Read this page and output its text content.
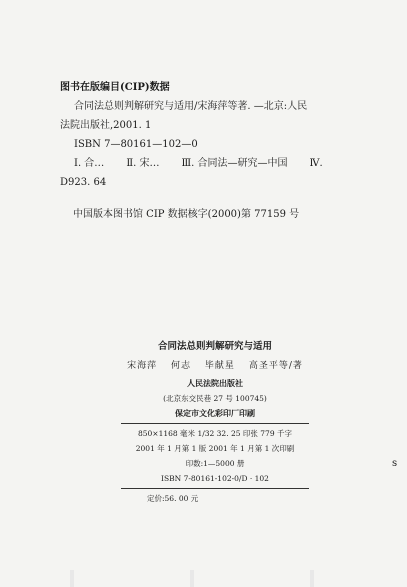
图书在版编目(CIP)数据
合同法总则判解研究与适用/宋海萍等著. —北京:人民
法院出版社,2001. 1
ISBN 7—80161—102—0
Ⅰ. 合… Ⅱ. 宋… Ⅲ. 合同法—研究—中国 Ⅳ.
D923. 64
中国版本图书馆 CIP 数据核字(2000)第 77159 号
合同法总则判解研究与适用
宋海萍 何志 毕献星 高圣平等/著
人民法院出版社
(北京东交民巷 27 号 100745)
保定市文化彩印厂印刷
850×1168 毫米 1/32 32. 25 印张 779 千字
2001 年 1 月第 1 版 2001 年 1 月第 1 次印刷
印数:1—5000 册
ISBN 7-80161-102-0/D · 102
定价:56. 00 元
s
